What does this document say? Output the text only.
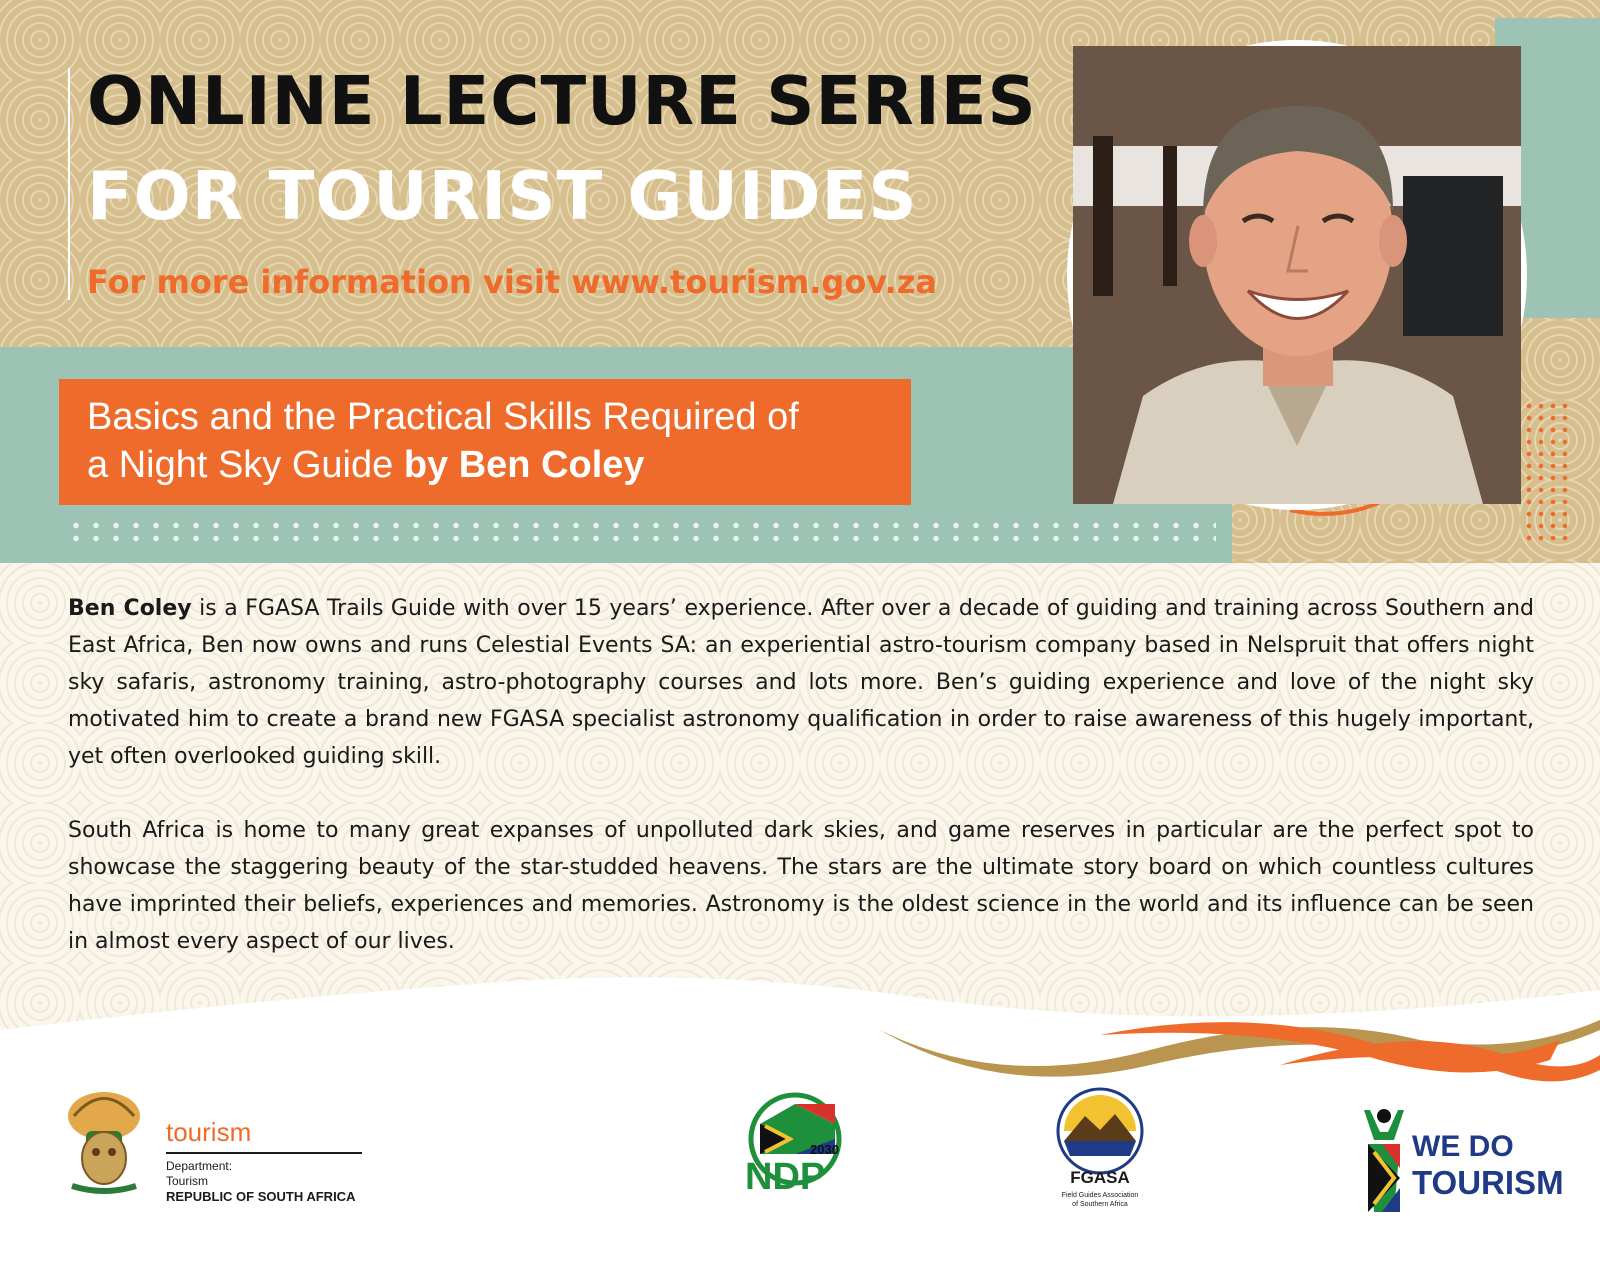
ONLINE LECTURE SERIES
FOR TOURIST GUIDES
For more information visit www.tourism.gov.za
Basics and the Practical Skills Required of
a Night Sky Guide by Ben Coley

Ben Coley is a FGASA Trails Guide with over 15 years’ experience. After over a decade of guiding and training across Southern and East Africa, Ben now owns and runs Celestial Events SA: an experiential astro-tourism company based in Nelspruit that offers night sky safaris, astronomy training, astro-photography courses and lots more. Ben’s guiding experience and love of the night sky motivated him to create a brand new FGASA specialist astronomy qualification in order to raise awareness of this hugely important, yet often overlooked guiding skill.

South Africa is home to many great expanses of unpolluted dark skies, and game reserves in particular are the perfect spot to showcase the staggering beauty of the star-studded heavens. The stars are the ultimate story board on which countless cultures have imprinted their beliefs, experiences and memories. Astronomy is the oldest science in the world and its influence can be seen in almost every aspect of our lives.

tourism
Department:
Tourism
REPUBLIC OF SOUTH AFRICA
2030
NDP	FGASA
Field Guides Association
of Southern Africa
WE DO
TOURISM
